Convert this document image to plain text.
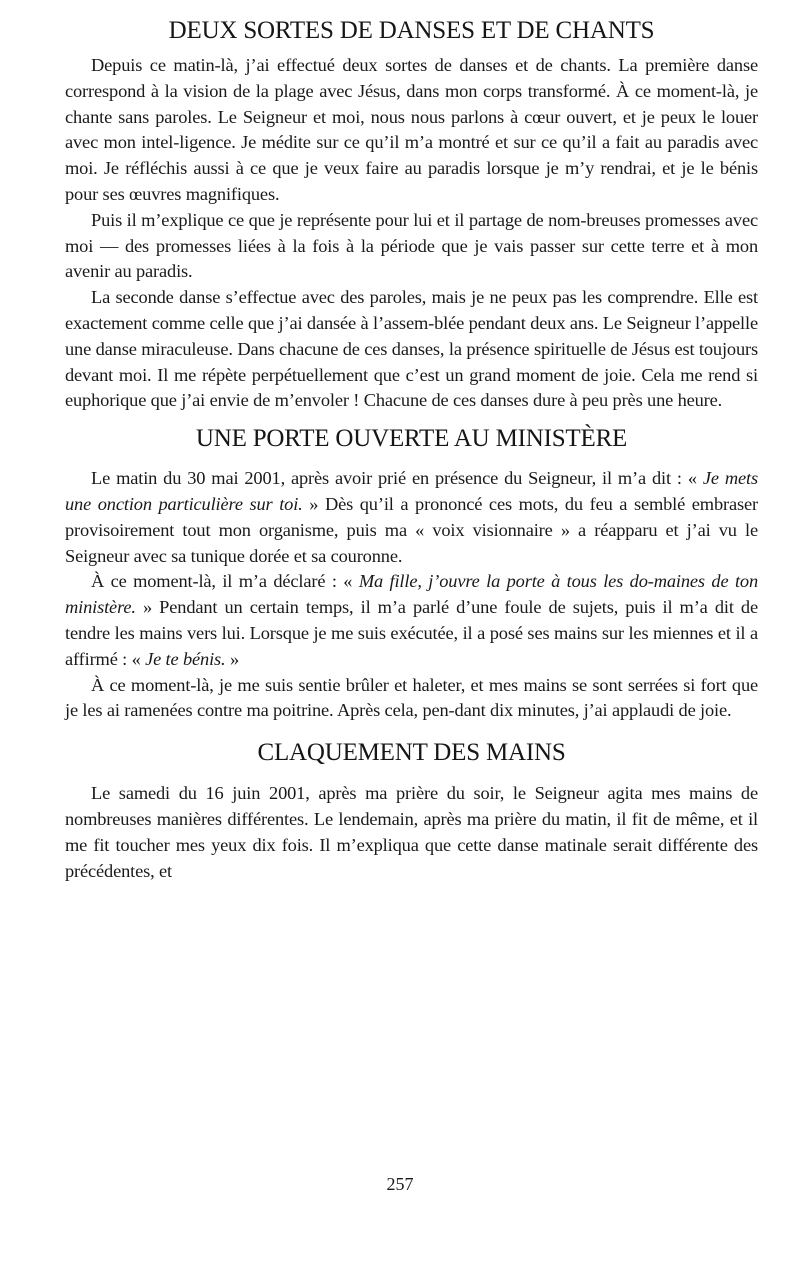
DEUX SORTES DE DANSES ET DE CHANTS

Depuis ce matin-là, j’ai effectué deux sortes de danses et de chants. La première danse correspond à la vision de la plage avec Jésus, dans mon corps transformé. À ce moment-là, je chante sans paroles. Le Seigneur et moi, nous nous parlons à cœur ouvert, et je peux le louer avec mon intel-ligence. Je médite sur ce qu’il m’a montré et sur ce qu’il a fait au paradis avec moi. Je réfléchis aussi à ce que je veux faire au paradis lorsque je m’y rendrai, et je le bénis pour ses œuvres magnifiques.

Puis il m’explique ce que je représente pour lui et il partage de nom-breuses promesses avec moi — des promesses liées à la fois à la période que je vais passer sur cette terre et à mon avenir au paradis.

La seconde danse s’effectue avec des paroles, mais je ne peux pas les comprendre. Elle est exactement comme celle que j’ai dansée à l’assem-blée pendant deux ans. Le Seigneur l’appelle une danse miraculeuse. Dans chacune de ces danses, la présence spirituelle de Jésus est toujours devant moi. Il me répète perpétuellement que c’est un grand moment de joie. Cela me rend si euphorique que j’ai envie de m’envoler ! Chacune de ces danses dure à peu près une heure.

UNE PORTE OUVERTE AU MINISTÈRE

Le matin du 30 mai 2001, après avoir prié en présence du Seigneur, il m’a dit : « Je mets une onction particulière sur toi. » Dès qu’il a prononcé ces mots, du feu a semblé embraser provisoirement tout mon organisme, puis ma « voix visionnaire » a réapparu et j’ai vu le Seigneur avec sa tunique dorée et sa couronne.

À ce moment-là, il m’a déclaré : « Ma fille, j’ouvre la porte à tous les do-maines de ton ministère. » Pendant un certain temps, il m’a parlé d’une foule de sujets, puis il m’a dit de tendre les mains vers lui. Lorsque je me suis exécutée, il a posé ses mains sur les miennes et il a affirmé : « Je te bénis. »

À ce moment-là, je me suis sentie brûler et haleter, et mes mains se sont serrées si fort que je les ai ramenées contre ma poitrine. Après cela, pen-dant dix minutes, j’ai applaudi de joie.

CLAQUEMENT DES MAINS

Le samedi du 16 juin 2001, après ma prière du soir, le Seigneur agita mes mains de nombreuses manières différentes. Le lendemain, après ma prière du matin, il fit de même, et il me fit toucher mes yeux dix fois. Il m’expliqua que cette danse matinale serait différente des précédentes, et

257
